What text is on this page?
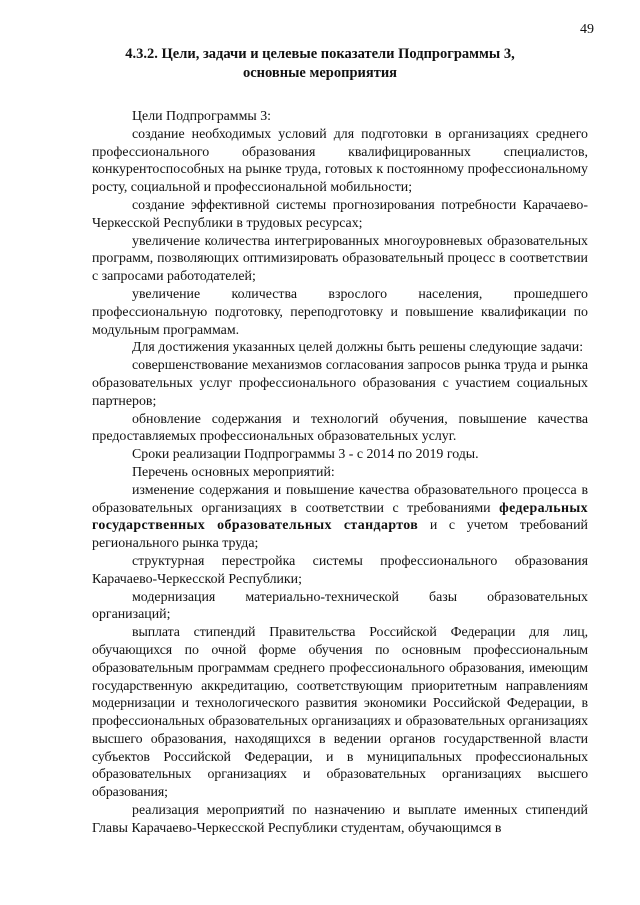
49
4.3.2. Цели, задачи и целевые показатели Подпрограммы 3,
основные мероприятия

Цели Подпрограммы 3:

создание необходимых условий для подготовки в организациях среднего профессионального образования квалифицированных специалистов, конкурентоспособных на рынке труда, готовых к постоянному профессиональному росту, социальной и профессиональной мобильности;

создание эффективной системы прогнозирования потребности Карачаево-Черкесской Республики в трудовых ресурсах;

увеличение количества интегрированных многоуровневых образовательных программ, позволяющих оптимизировать образовательный процесс в соответствии с запросами работодателей;

увеличение количества взрослого населения, прошедшего профессиональную подготовку, переподготовку и повышение квалификации по модульным программам.

Для достижения указанных целей должны быть решены следующие задачи:

совершенствование механизмов согласования запросов рынка труда и рынка образовательных услуг профессионального образования с участием социальных партнеров;

обновление содержания и технологий обучения, повышение качества предоставляемых профессиональных образовательных услуг.

Сроки реализации Подпрограммы 3 - с 2014 по 2019 годы.

Перечень основных мероприятий:

изменение содержания и повышение качества образовательного процесса в образовательных организациях в соответствии с требованиями федеральных государственных образовательных стандартов и с учетом требований регионального рынка труда;

структурная перестройка системы профессионального образования Карачаево-Черкесской Республики;

модернизация материально-технической базы образовательных организаций;

выплата стипендий Правительства Российской Федерации для лиц, обучающихся по очной форме обучения по основным профессиональным образовательным программам среднего профессионального образования, имеющим государственную аккредитацию, соответствующим приоритетным направлениям модернизации и технологического развития экономики Российской Федерации, в профессиональных образовательных организациях и образовательных организациях высшего образования, находящихся в ведении органов государственной власти субъектов Российской Федерации, и в муниципальных профессиональных образовательных организациях и образовательных организациях высшего образования;

реализация мероприятий по назначению и выплате именных стипендий Главы Карачаево-Черкесской Республики студентам, обучающимся в
